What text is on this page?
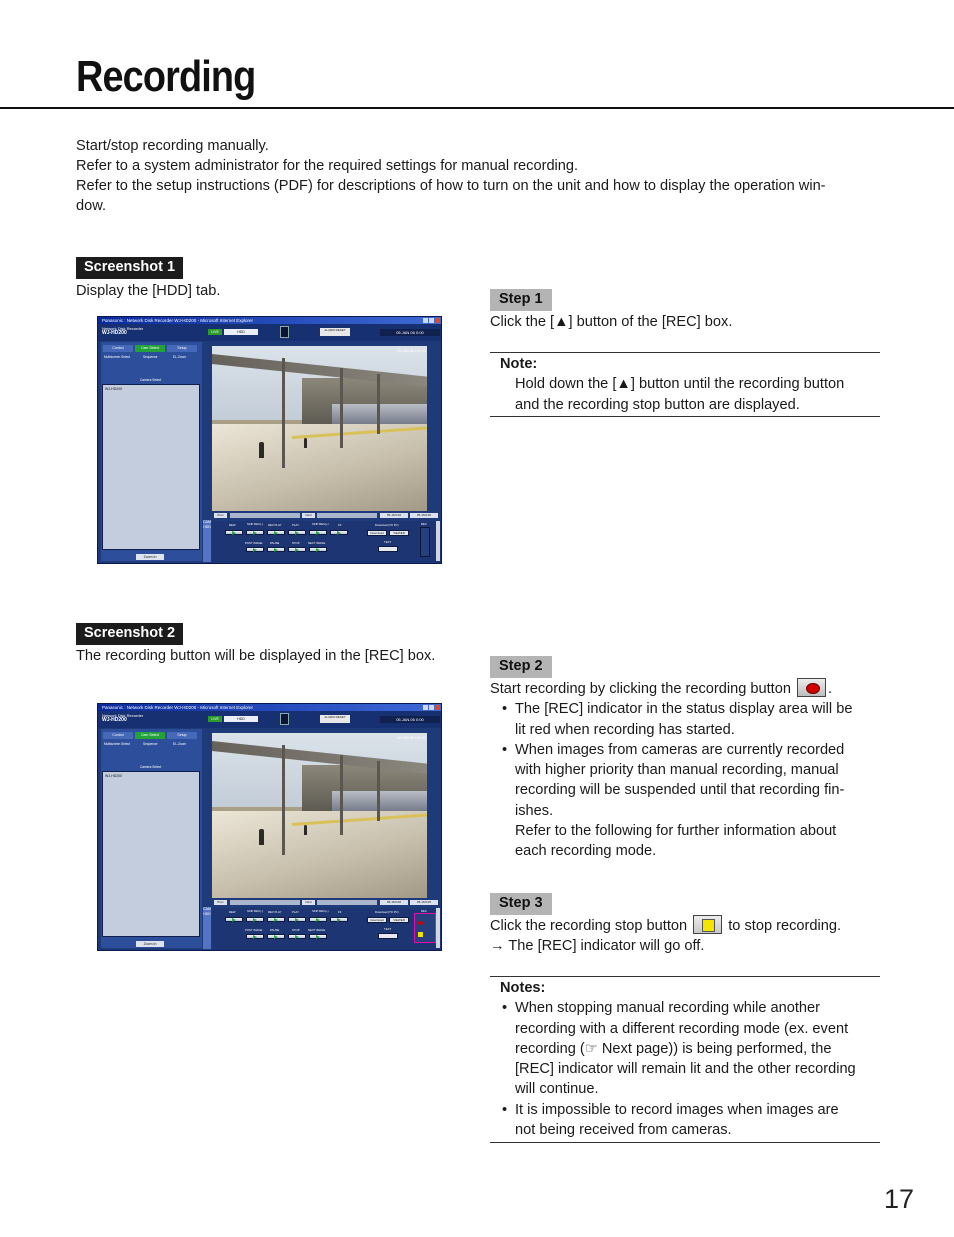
Recording

Start/stop recording manually.

Refer to a system administrator for the required settings for manual recording.

Refer to the setup instructions (PDF) for descriptions of how to turn on the unit and how to display the operation win-

dow.

Screenshot 1
Display the [HDD] tab.
Panasonic : Network Disk Recorder WJ-HD200 - Microsoft Internet Explorer
Network Disk Recorder
WJ-HD200	LIVE	HDD	ALARM RESET	05.JAN.06 0:00
Control	Cam Select	Setup
Multiscreen Select	Sequence	EL-Zoom
Camera Select
WJ-HD200
Zoom In
05.JAN.06 0:00:13
Prev	Next	05.JAN.06	05.JAN.06
CAM HDD	REW	SKIP REC(-) REV PLAY	PLAY	SKIP REC(+)	FF
POST IMAGE	PAUSE	STOP	NEXT IMAGE
Download (TO PC)
Download	VIEWER
TEXT
REC
Step 1
Click the [▲] button of the [REC] box.
Note:
Hold down the [▲] button until the recording button
and the recording stop button are displayed.
Screenshot 2
The recording button will be displayed in the [REC] box.
Panasonic : Network Disk Recorder WJ-HD200 - Microsoft Internet Explorer
Network Disk Recorder
WJ-HD200	LIVE	HDD	ALARM RESET	05.JAN.06 0:00
Control	Cam Select	Setup
Multiscreen Select	Sequence	EL-Zoom
Camera Select
WJ-HD200
Zoom In
05.JAN.06 0:00:13
Prev	Next	05.JAN.06	05.JAN.06
CAM HDD	REW	SKIP REC(-) REV PLAY	PLAY	SKIP REC(+)	FF
POST IMAGE	PAUSE	STOP	NEXT IMAGE
Download (TO PC)
Download	VIEWER
TEXT
REC
Step 2
Start recording by clicking the recording button	.
• The [REC] indicator in the status display area will be
lit red when recording has started.
• When images from cameras are currently recorded
with higher priority than manual recording, manual
recording will be suspended until that recording fin-
ishes.
Refer to the following for further information about
each recording mode.
Step 3
Click the recording stop button	to stop recording.
→ The [REC] indicator will go off.
Notes:
• When stopping manual recording while another
recording with a different recording mode (ex. event
recording (☞ Next page)) is being performed, the
[REC] indicator will remain lit and the other recording
will continue.
• It is impossible to record images when images are
not being received from cameras.
17
